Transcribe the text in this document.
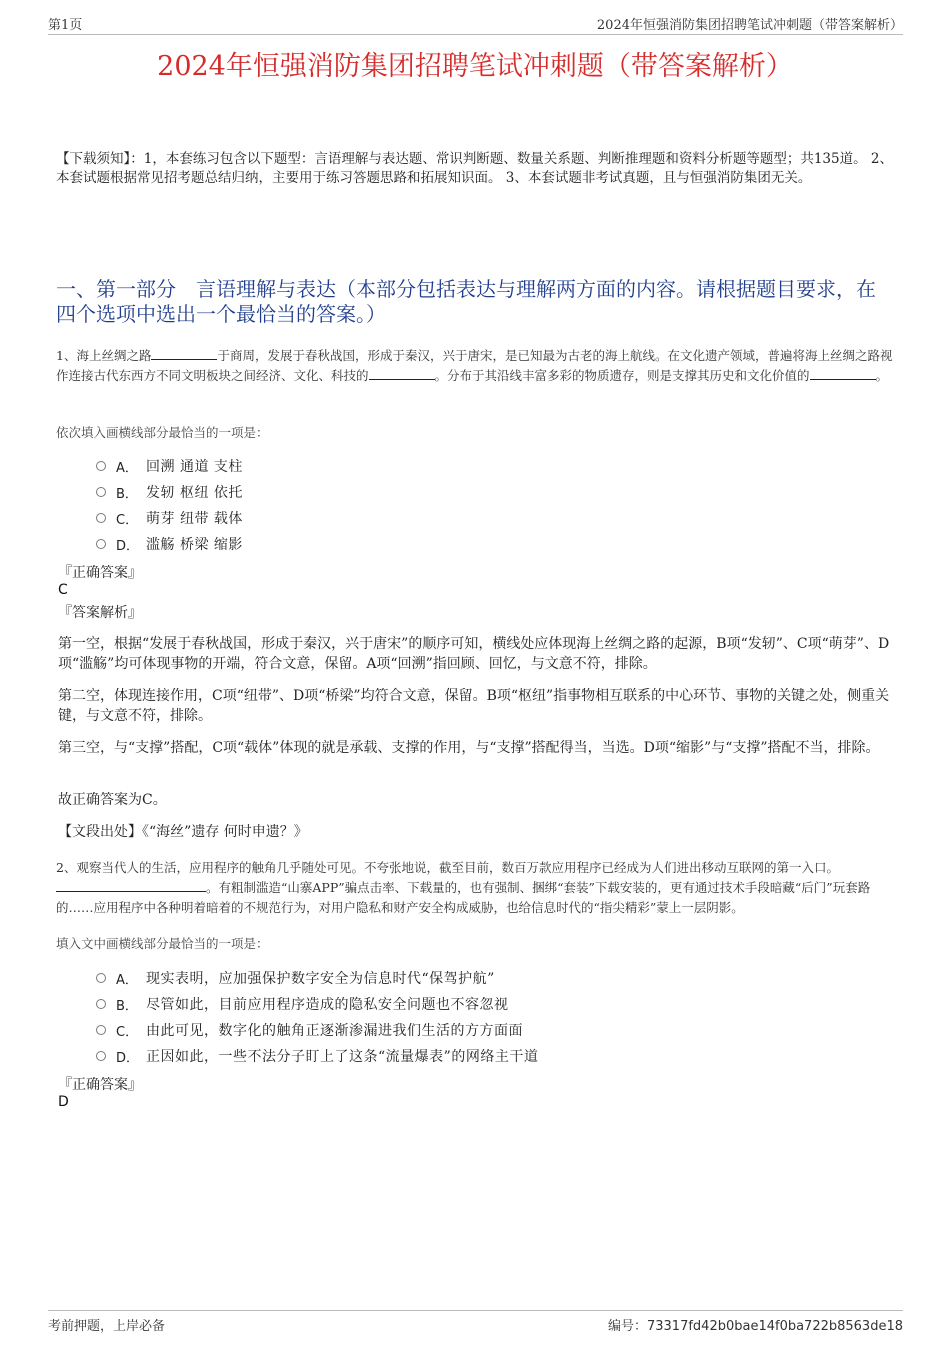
第1页	2024年恒强消防集团招聘笔试冲刺题（带答案解析）
2024年恒强消防集团招聘笔试冲刺题（带答案解析）
【下载须知】：1，本套练习包含以下题型：言语理解与表达题、常识判断题、数量关系题、判断推理题和资料分析题等题型；共135道。 2、本套试题根据常见招考题总结归纳，主要用于练习答题思路和拓展知识面。 3、本套试题非考试真题，且与恒强消防集团无关。
一、第一部分　言语理解与表达（本部分包括表达与理解两方面的内容。请根据题目要求，在四个选项中选出一个最恰当的答案。）
1、海上丝绸之路	于商周，发展于春秋战国，形成于秦汉，兴于唐宋，是已知最为古老的海上航线。在文化遗产领域，普遍将海上丝绸之路视作连接古代东西方不同文明板块之间经济、文化、科技的	。分布于其沿线丰富多彩的物质遗存，则是支撑其历史和文化价值的	。
依次填入画横线部分最恰当的一项是：
A． 回溯 通道 支柱
B． 发轫 枢纽 依托
C． 萌芽 纽带 载体
D． 滥觞 桥梁 缩影
『正确答案』
C
『答案解析』
第一空，根据“发展于春秋战国，形成于秦汉，兴于唐宋”的顺序可知，横线处应体现海上丝绸之路的起源，B项“发轫”、C项“萌芽”、D项“滥觞”均可体现事物的开端，符合文意，保留。A项“回溯”指回顾、回忆，与文意不符，排除。
第二空，体现连接作用，C项“纽带”、D项“桥梁”均符合文意，保留。B项“枢纽”指事物相互联系的中心环节、事物的关键之处，侧重关键，与文意不符，排除。
第三空，与“支撑”搭配，C项“载体”体现的就是承载、支撑的作用，与“支撑”搭配得当，当选。D项“缩影”与“支撑”搭配不当，排除。
故正确答案为C。
【文段出处】《“海丝”遗存 何时申遗？》
2、观察当代人的生活，应用程序的触角几乎随处可见。不夸张地说，截至目前，数百万款应用程序已经成为人们进出移动互联网的第一入口。。有粗制滥造“山寨APP”骗点击率、下载量的，也有强制、捆绑“套装”下载安装的，更有通过技术手段暗藏“后门”玩套路的……应用程序中各种明着暗着的不规范行为，对用户隐私和财产安全构成威胁，也给信息时代的“指尖精彩”蒙上一层阴影。
填入文中画横线部分最恰当的一项是：
A． 现实表明，应加强保护数字安全为信息时代“保驾护航”
B． 尽管如此，目前应用程序造成的隐私安全问题也不容忽视
C． 由此可见，数字化的触角正逐渐渗漏进我们生活的方方面面
D． 正因如此，一些不法分子盯上了这条“流量爆表”的网络主干道
『正确答案』
D
考前押题，上岸必备	编号：73317fd42b0bae14f0ba722b8563de18
